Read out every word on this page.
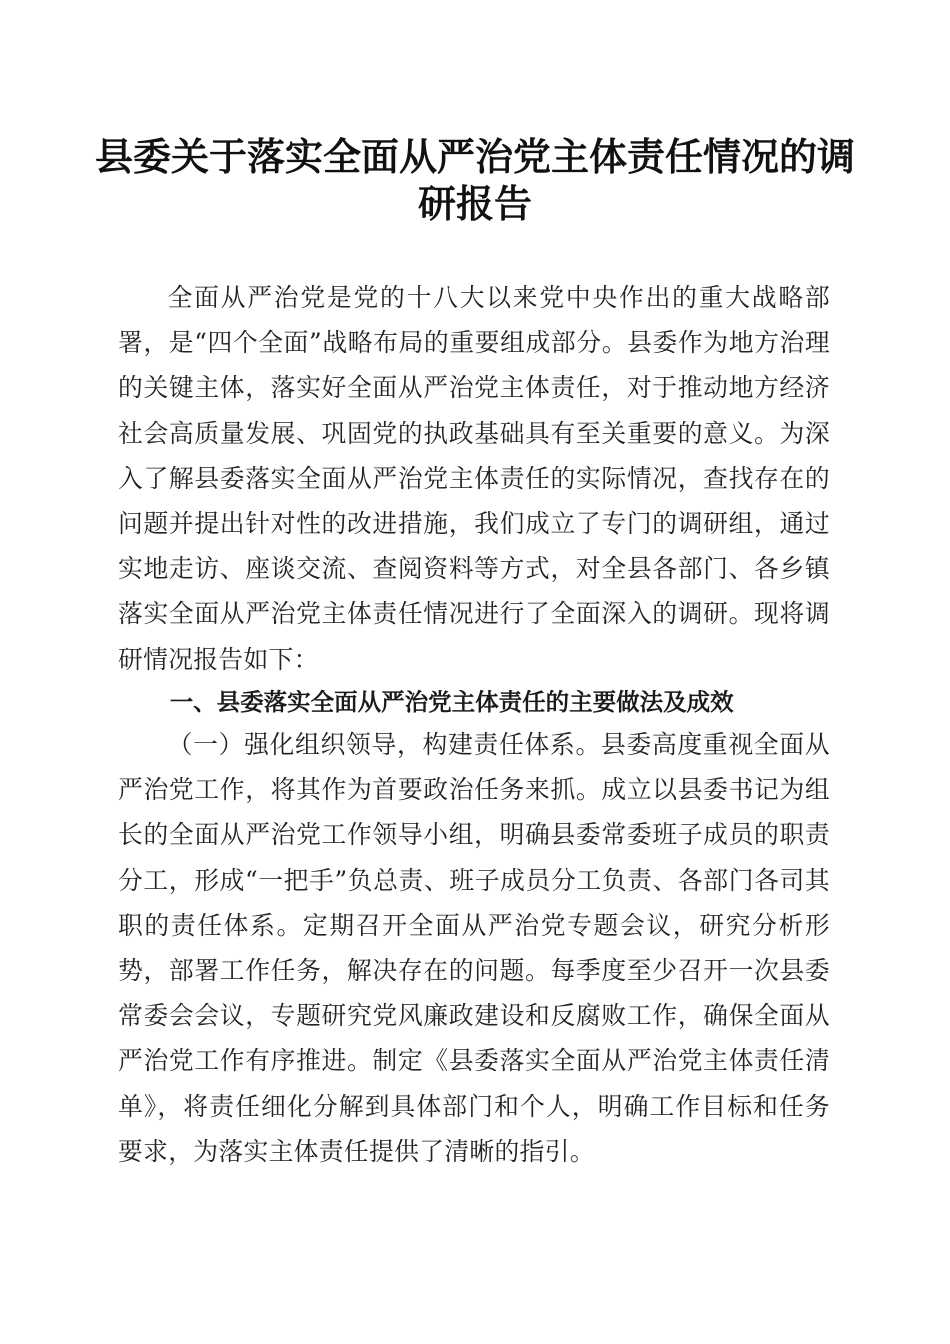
县委关于落实全面从严治党主体责任情况的调研报告

全面从严治党是党的十八大以来党中央作出的重大战略部署，是“四个全面”战略布局的重要组成部分。县委作为地方治理的关键主体，落实好全面从严治党主体责任，对于推动地方经济社会高质量发展、巩固党的执政基础具有至关重要的意义。为深入了解县委落实全面从严治党主体责任的实际情况，查找存在的问题并提出针对性的改进措施，我们成立了专门的调研组，通过实地走访、座谈交流、查阅资料等方式，对全县各部门、各乡镇落实全面从严治党主体责任情况进行了全面深入的调研。现将调研情况报告如下：

一、县委落实全面从严治党主体责任的主要做法及成效

（一）强化组织领导，构建责任体系。县委高度重视全面从严治党工作，将其作为首要政治任务来抓。成立以县委书记为组长的全面从严治党工作领导小组，明确县委常委班子成员的职责分工，形成“一把手”负总责、班子成员分工负责、各部门各司其职的责任体系。定期召开全面从严治党专题会议，研究分析形势，部署工作任务，解决存在的问题。每季度至少召开一次县委常委会会议，专题研究党风廉政建设和反腐败工作，确保全面从严治党工作有序推进。制定《县委落实全面从严治党主体责任清单》，将责任细化分解到具体部门和个人，明确工作目标和任务要求，为落实主体责任提供了清晰的指引。
